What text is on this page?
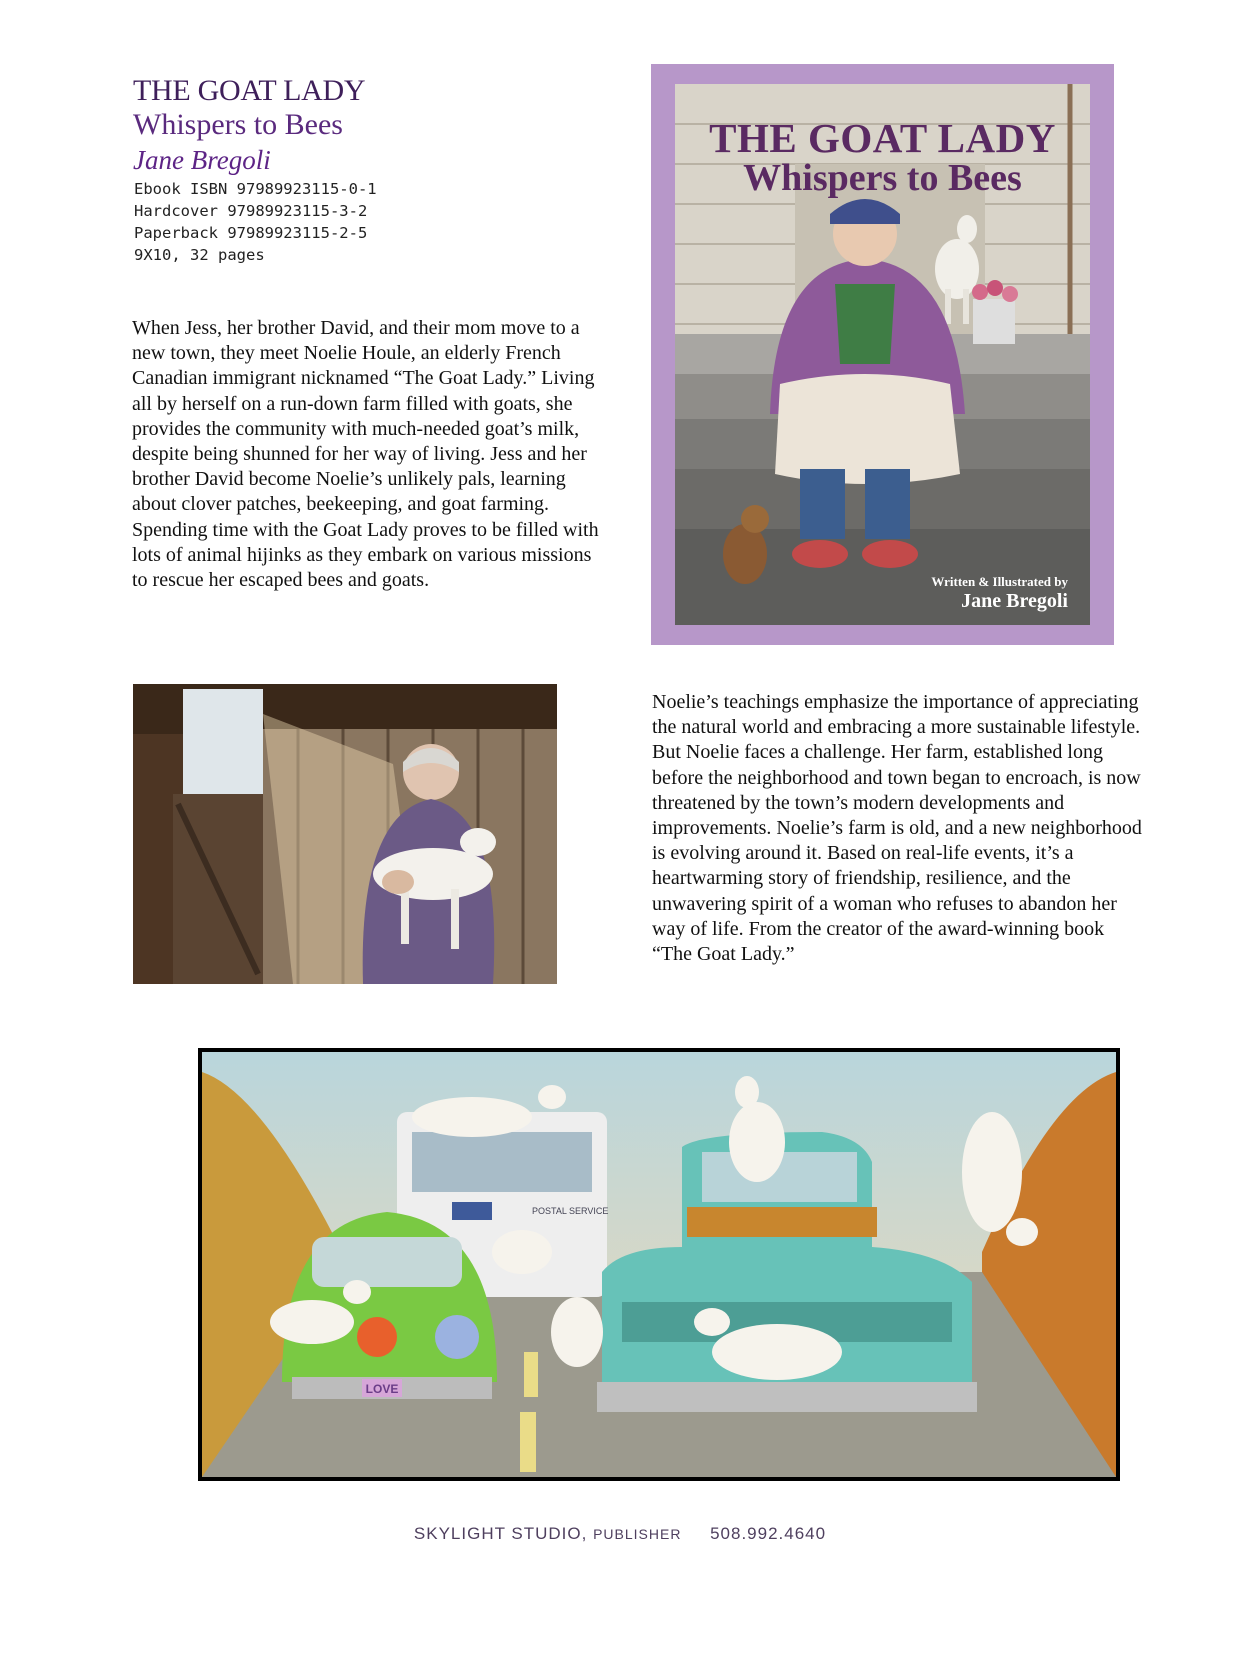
THE GOAT LADY
Whispers to Bees
Jane Bregoli
Ebook ISBN 97989923115-0-1
Hardcover 97989923115-3-2
Paperback 97989923115-2-5
9X10, 32 pages
When Jess, her brother David, and their mom move to a new town, they meet Noelie Houle, an elderly French Canadian immigrant nicknamed “The Goat Lady.” Living all by herself on a run-down farm filled with goats, she provides the community with much-needed goat’s milk, despite being shunned for her way of living. Jess and her brother David become Noelie’s unlikely pals, learning about clover patches, beekeeping, and goat farming. Spending time with the Goat Lady proves to be filled with lots of animal hijinks as they embark on various missions to rescue her escaped bees and goats.
Noelie’s teachings emphasize the importance of appreciating the natural world and embracing a more sustainable lifestyle. But Noelie faces a challenge. Her farm, established long before the neighborhood and town began to encroach, is now threatened by the town’s modern developments and improvements. Noelie’s farm is old, and a new neighborhood is evolving around it. Based on real-life events, it’s a heartwarming story of friendship, resilience, and the unwavering spirit of a woman who refuses to abandon her way of life. From the creator of the award-winning book “The Goat Lady.”
THE GOAT LADY
Whispers to Bees
Written & Illustrated by
Jane Bregoli
POSTAL SERVICE
LOVE
SKYLIGHT STUDIO, PUBLISHER 508.992.4640
